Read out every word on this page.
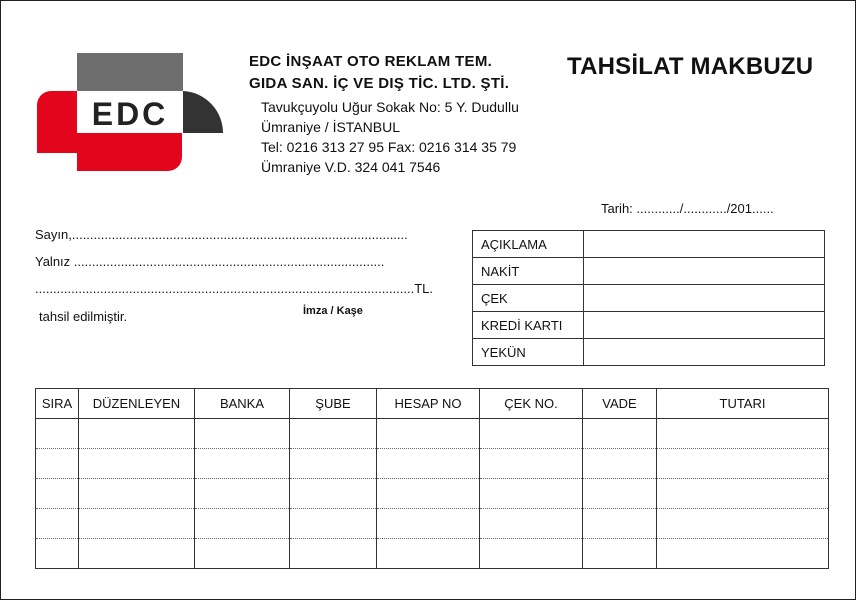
EDC
EDC İNŞAAT OTO REKLAM TEM.
GIDA SAN. İÇ VE DIŞ TİC. LTD. ŞTİ.
Tavukçuyolu Uğur Sokak No: 5 Y. Dudullu
Ümraniye / İSTANBUL
Tel: 0216 313 27 95 Fax: 0216 314 35 79
Ümraniye V.D. 324 041 7546
TAHSİLAT MAKBUZU
Tarih: ............/............/201......
Sayın,.............................................................................................
Yalnız ......................................................................................
.........................................................................................................TL.
tahsil edilmiştir.	İmza / Kaşe
AÇIKLAMA	
NAKİT	
ÇEK	
KREDİ KARTI	
YEKÜN	
SIRA	DÜZENLEYEN	BANKA	ŞUBE	HESAP NO	ÇEK NO.	VADE	TUTARI
